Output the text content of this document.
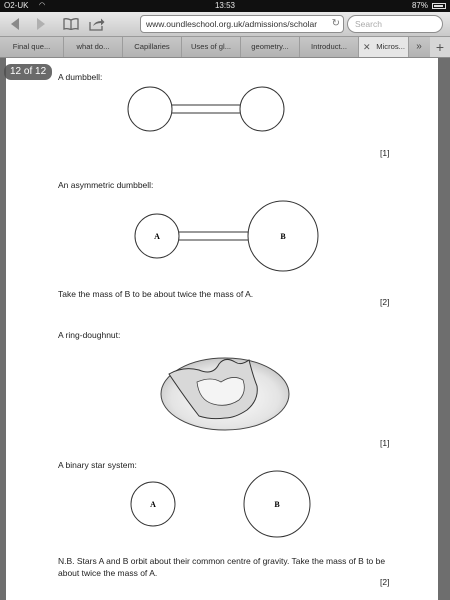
O2-UK ◠	13:53	87%
www.oundleschool.org.uk/admissions/scholar ↻	Search
Final que...	what do...	Capillaries	Uses of gl...	geometry...	Introduct...	✕ Micros...	»	+
12 of 12	A dumbbell:
[1]
An asymmetric dumbbell:
A	B
Take the mass of B to be about twice the mass of A.
[2]
A ring-doughnut:
[1]
A binary star system:
A	B
N.B. Stars A and B orbit about their common centre of gravity. Take the mass of B to be
about twice the mass of A.
[2]
